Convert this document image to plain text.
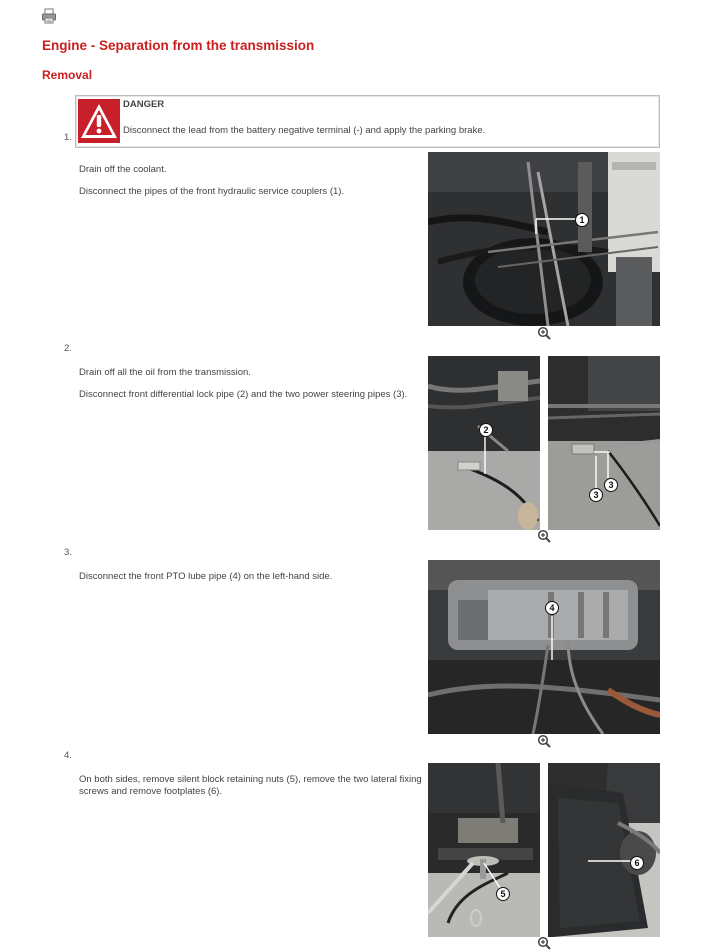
Engine - Separation from the transmission
Removal
DANGER
Disconnect the lead from the battery negative terminal (-) and apply the parking brake.
1.
Drain off the coolant.
Disconnect the pipes of the front hydraulic service couplers (1).
1
2.
Drain off all the oil from the transmission.
Disconnect front differential lock pipe (2) and the two power steering pipes (3).
2
3
3
3.
Disconnect the front PTO lube pipe (4) on the left-hand side.
4
4.
On both sides, remove silent block retaining nuts (5), remove the two lateral fixing screws and remove footplates (6).
6
5
